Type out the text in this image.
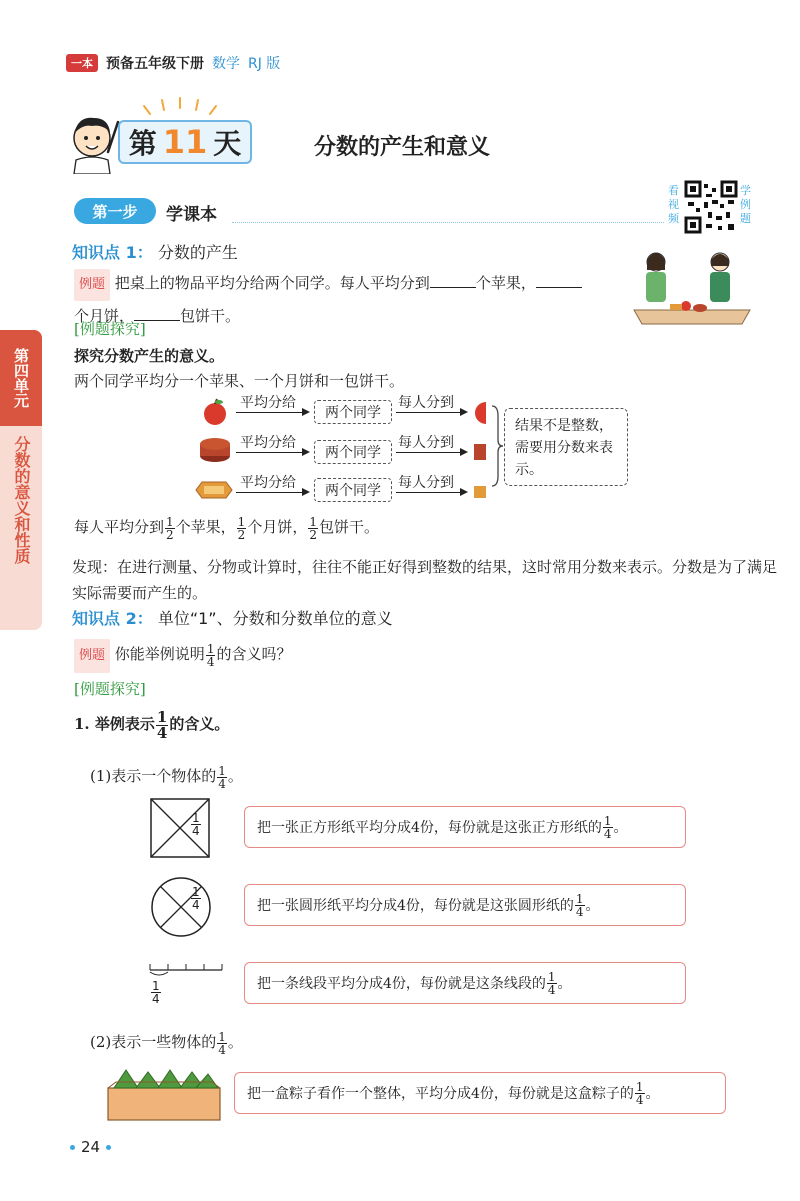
一本 预备五年级下册 数学 RJ 版
第 11 天	分数的产生和意义
第一步 学课本
看视频
学例题
第四单元
分数的意义和性质
知识点 1： 分数的产生
例题 把桌上的物品平均分给两个同学。每人平均分到	个苹果，
个月饼，	包饼干。
[例题探究]
探究分数产生的意义。
两个同学平均分一个苹果、一个月饼和一包饼干。
平均分给
两个同学
每人分到
平均分给
两个同学
每人分到
平均分给	两个同学	每人分到
结果不是整数，需要用分数来表示。
每人平均分到 $\frac{1}{2}$ 个苹果， $\frac{1}{2}$ 个月饼， $\frac{1}{2}$ 包饼干。
发现：在进行测量、分物或计算时，往往不能正好得到整数的结果，这时常用分数来表示。分数是为了满足实际需要而产生的。
知识点 2： 单位“1”、分数和分数单位的意义
例题 你能举例说明 $\frac{1}{4}$ 的含义吗？
[例题探究]
1. 举例表示 $\frac{1}{4}$ 的含义。
(1)表示一个物体的 $\frac{1}{4}$ 。
$\frac{1}{4}$	把一张正方形纸平均分成4份，每份就是这张正方形纸的 $\frac{1}{4}$ 。
$\frac{1}{4}$	把一张圆形纸平均分成4份，每份就是这张圆形纸的 $\frac{1}{4}$ 。
$\frac{1}{4}$	把一条线段平均分成4份，每份就是这条线段的 $\frac{1}{4}$ 。
(2)表示一些物体的 $\frac{1}{4}$ 。
把一盒粽子看作一个整体，平均分成4份，每份就是这盒粽子的 $\frac{1}{4}$ 。
24
